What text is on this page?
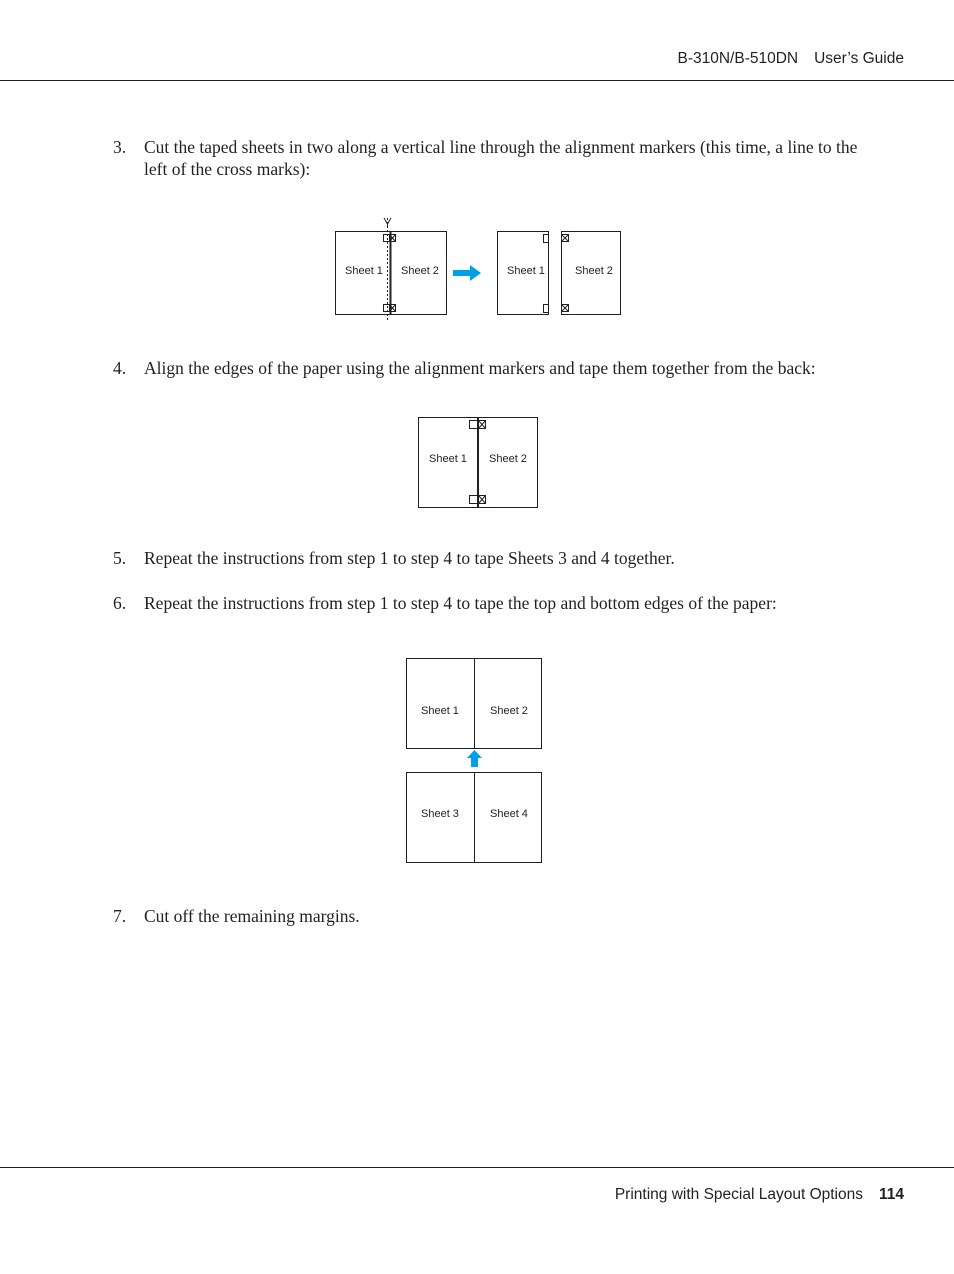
B-310N/B-510DN User’s Guide
3. Cut the taped sheets in two along a vertical line through the alignment markers (this time, a line to the left of the cross marks):
Sheet 1 Sheet 2	Sheet 1	Sheet 2
4. Align the edges of the paper using the alignment markers and tape them together from the back:
Sheet 1 Sheet 2
5. Repeat the instructions from step 1 to step 4 to tape Sheets 3 and 4 together.
6. Repeat the instructions from step 1 to step 4 to tape the top and bottom edges of the paper:
Sheet 1	Sheet 2
Sheet 3	Sheet 4
7. Cut off the remaining margins.
Printing with Special Layout Options 114
